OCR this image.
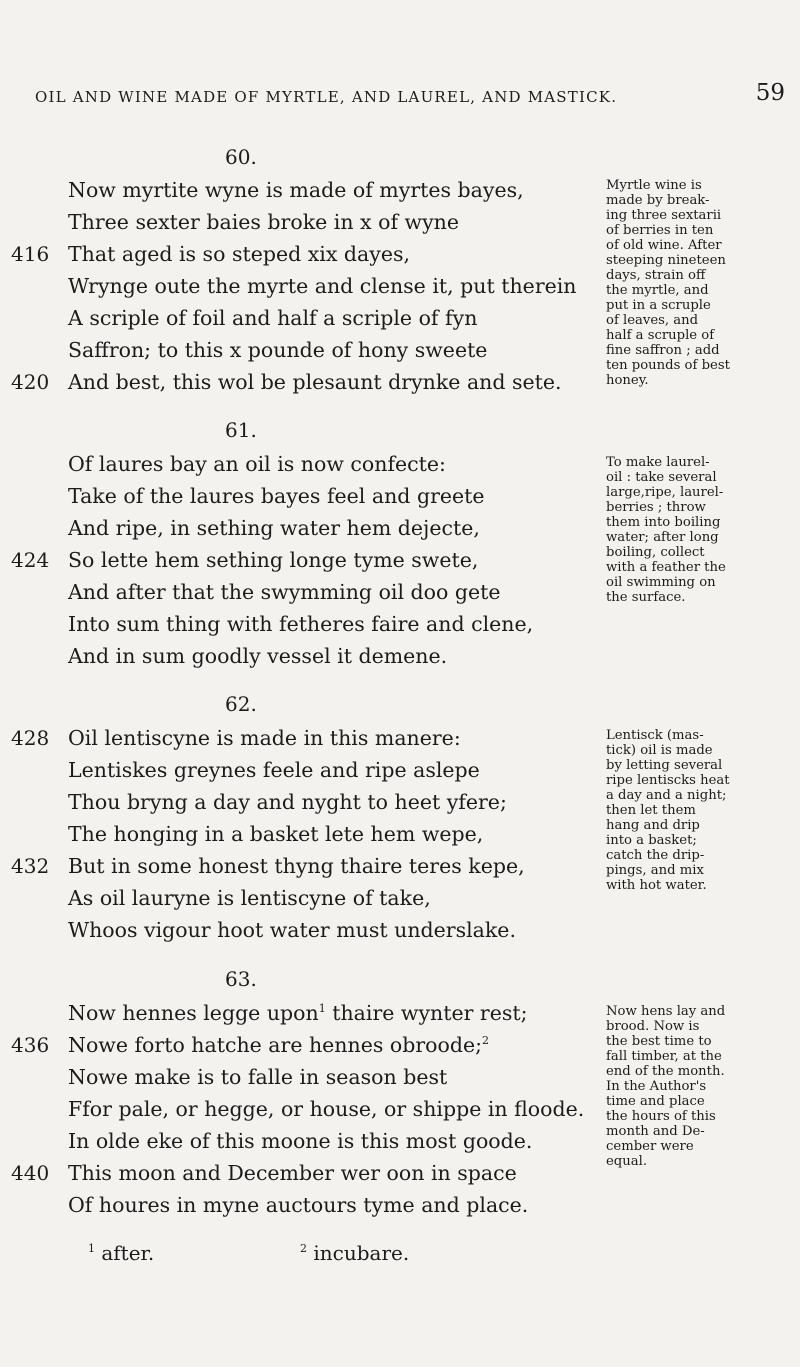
OIL AND WINE MADE OF MYRTLE, AND LAUREL, AND MASTICK.	59
60.
Now myrtite wyne is made of myrtes bayes,
Three sexter baies broke in x of wyne
416 That aged is so steped xix dayes,
Wrynge oute the myrte and clense it, put therein
A scriple of foil and half a scriple of fyn
Saffron; to this x pounde of hony sweete
420 And best, this wol be plesaunt drynke and sete.
Myrtle wine is
made by break-
ing three sextarii
of berries in ten
of old wine. After
steeping nineteen
days, strain off
the myrtle, and
put in a scruple
of leaves, and
half a scruple of
fine saffron ; add
ten pounds of best
honey.
61.
Of laures bay an oil is now confecte:
Take of the laures bayes feel and greete
And ripe, in sething water hem dejecte,
424 So lette hem sething longe tyme swete,
And after that the swymming oil doo gete
Into sum thing with fetheres faire and clene,
And in sum goodly vessel it demene.
To make laurel-
oil : take several
large,ripe, laurel-
berries ; throw
them into boiling
water; after long
boiling, collect
with a feather the
oil swimming on
the surface.
62.
428 Oil lentiscyne is made in this manere:
Lentiskes greynes feele and ripe aslepe
Thou bryng a day and nyght to heet yfere;
The honging in a basket lete hem wepe,
432 But in some honest thyng thaire teres kepe,
As oil lauryne is lentiscyne of take,
Whoos vigour hoot water must underslake.
Lentisck (mas-
tick) oil is made
by letting several
ripe lentiscks heat
a day and a night;
then let them
hang and drip
into a basket;
catch the drip-
pings, and mix
with hot water.
63.
Now hennes legge upon$^1$ thaire wynter rest;
436 Nowe forto hatche are hennes obroode;$^2$
Nowe make is to falle in season best
Ffor pale, or hegge, or house, or shippe in floode.
In olde eke of this moone is this most goode.
440 This moon and December wer oon in space
Of houres in myne auctours tyme and place.
Now hens lay and
brood. Now is
the best time to
fall timber, at the
end of the month.
In the Author's
time and place
the hours of this
month and De-
cember were
equal.
$^1$ after.	$^2$ incubare.
